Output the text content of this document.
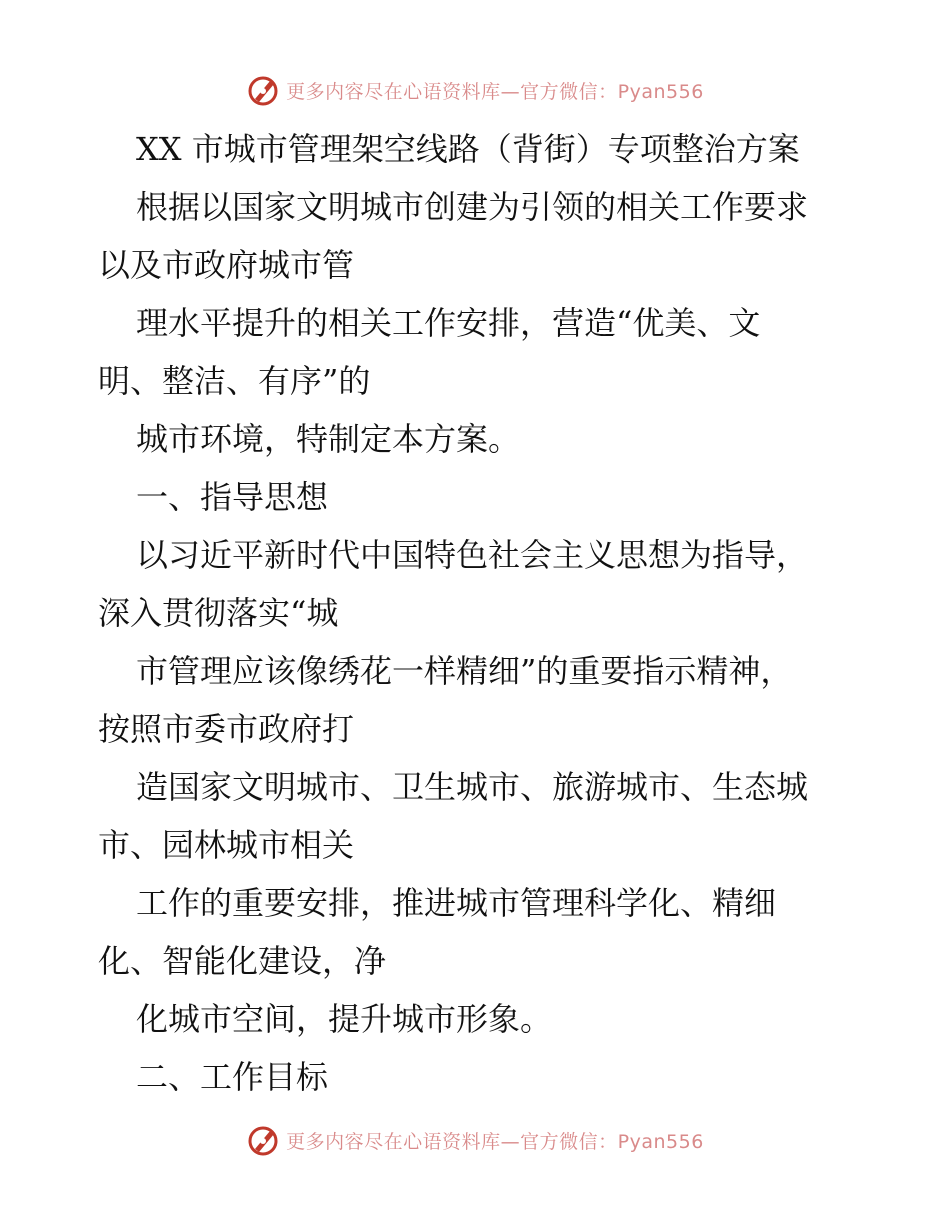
更多内容尽在心语资料库—官方微信：Pyan556
XX 市城市管理架空线路（背街）专项整治方案
根据以国家文明城市创建为引领的相关工作要求
以及市政府城市管
理水平提升的相关工作安排，营造“优美、文
明、整洁、有序”的
城市环境，特制定本方案。
一、指导思想
以习近平新时代中国特色社会主义思想为指导，
深入贯彻落实“城
市管理应该像绣花一样精细”的重要指示精神，
按照市委市政府打
造国家文明城市、卫生城市、旅游城市、生态城
市、园林城市相关
工作的重要安排，推进城市管理科学化、精细
化、智能化建设，净
化城市空间，提升城市形象。
二、工作目标
更多内容尽在心语资料库—官方微信：Pyan556
